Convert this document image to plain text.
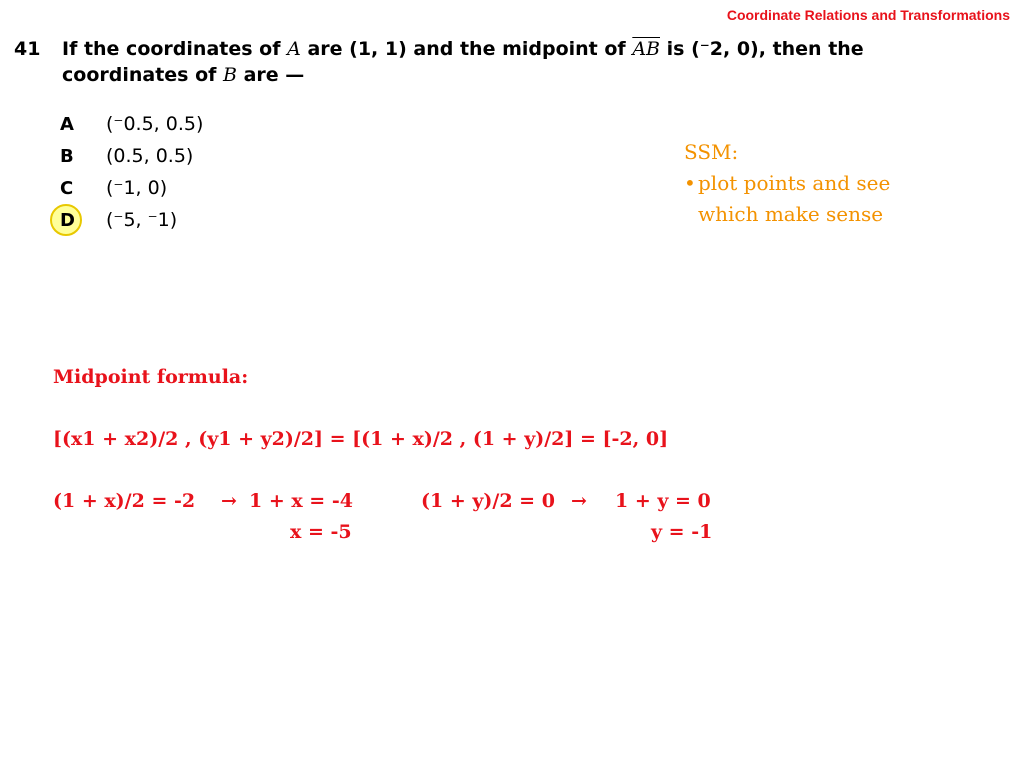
Coordinate Relations and Transformations
41 If the coordinates of A are (1, 1) and the midpoint of $\overline{AB}$ is (⁻2, 0), then the coordinates of B are —
A	(⁻0.5, 0.5)
B	(0.5, 0.5)
C	(⁻1, 0)
D	(⁻5, ⁻1)
SSM:
• plot points and see
which make sense
Midpoint formula:
[(x1 + x2)/2 , (y1 + y2)/2] = [(1 + x)/2 , (1 + y)/2] = [-2, 0]
(1 + x)/2 = -2 → 1 + x = -4
x = -5
(1 + y)/2 = 0 → 1 + y = 0
y = -1
